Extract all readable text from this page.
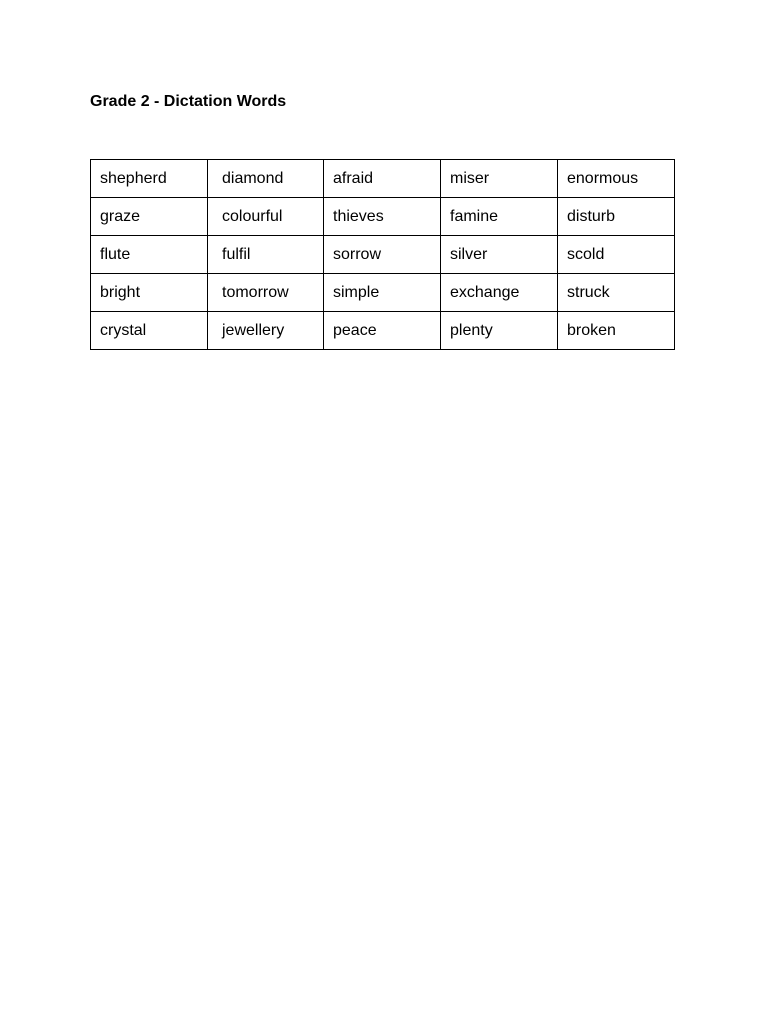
Grade 2 - Dictation Words
shepherd	diamond	afraid	miser	enormous
graze	colourful	thieves	famine	disturb
flute	fulfil	sorrow	silver	scold
bright	tomorrow	simple	exchange	struck
crystal	jewellery	peace	plenty	broken
